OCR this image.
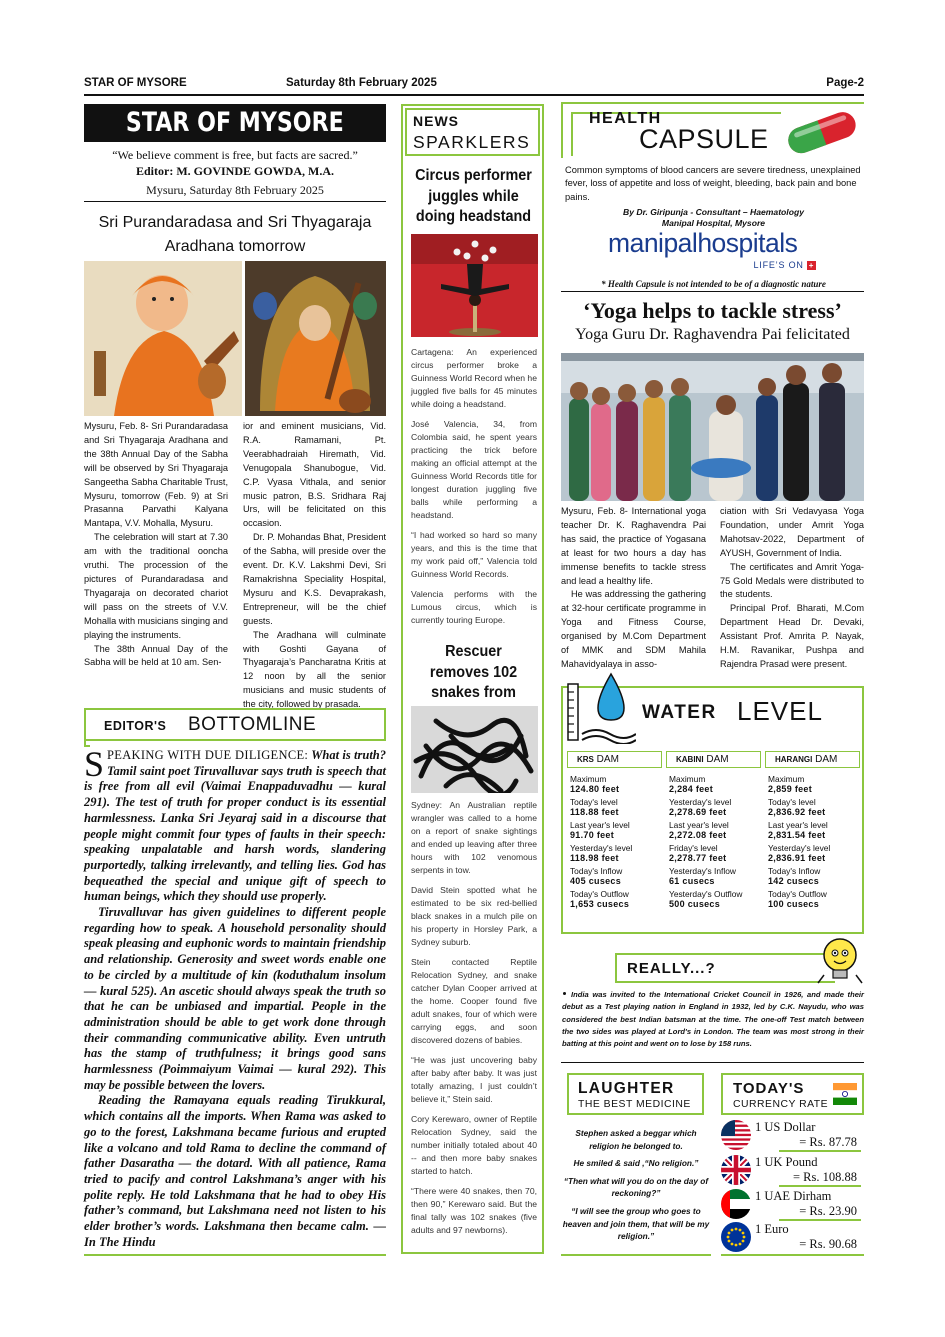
STAR OF MYSORE	Saturday 8th February 2025	Page-2
STAR OF MYSORE
“We believe comment is free, but facts are sacred.”
Editor: M. GOVINDE GOWDA, M.A.
Mysuru, Saturday 8th February 2025
Sri Purandaradasa and Sri Thyagaraja
Aradhana tomorrow

Mysuru, Feb. 8- Sri Purandaradasa and Sri Thyagaraja Aradhana and the 38th Annual Day of the Sabha will be observed by Sri Thyagaraja Sangeetha Sabha Charitable Trust, Mysuru, tomorrow (Feb. 9) at Sri Prasanna Parvathi Kalyana Mantapa, V.V. Mohalla, Mysuru.

The celebration will start at 7.30 am with the traditional ooncha vruthi. The procession of the pictures of Purandaradasa and Thyagaraja on decorated chariot will pass on the streets of V.V. Mohalla with musicians singing and playing the instruments.

The 38th Annual Day of the Sabha will be held at 10 am. Sen-

ior and eminent musicians, Vid. R.A. Ramamani, Pt. Veerabhadraiah Hiremath, Vid. Venugopala Shanubogue, Vid. C.P. Vyasa Vithala, and senior music patron, B.S. Sridhara Raj Urs, will be felicitated on this occasion.

Dr. P. Mohandas Bhat, President of the Sabha, will preside over the event. Dr. K.V. Lakshmi Devi, Sri Ramakrishna Speciality Hospital, Mysuru and K.S. Devaprakash, Entrepreneur, will be the chief guests.

The Aradhana will culminate with Goshti Gayana of Thyagaraja’s Pancharatna Kritis at 12 noon by all the senior musicians and music students of the city, followed by prasada.

EDITOR'S BOTTOMLINE

SPEAKING WITH DUE DILIGENCE: What is truth? Tamil saint poet Tiruvalluvar says truth is speech that is free from all evil (Vaimai Enappaduvadhu — kural 291). The test of truth for proper conduct is its essential harmlessness. Lanka Sri Jeyaraj said in a discourse that people might commit four types of faults in their speech: speaking unpalatable and harsh words, slandering purportedly, talking irrelevantly, and telling lies. God has bequeathed the special and unique gift of speech to human beings, which they should use properly.

Tiruvalluvar has given guidelines to different people regarding how to speak. A household personality should speak pleasing and euphonic words to maintain friendship and relationship. Generosity and sweet words enable one to be circled by a multitude of kin (koduthalum insolum — kural 525). An ascetic should always speak the truth so that he can be unbiased and impartial. People in the administration should be able to get work done through their commanding communicative ability. Even untruth has the stamp of truthfulness; it brings good sans harmlessness (Poimmaiyum Vaimai — kural 292). This may be possible between the lovers.

Reading the Ramayana equals reading Tirukkural, which contains all the imports. When Rama was asked to go to the forest, Lakshmana became furious and erupted like a volcano and told Rama to decline the command of father Dasaratha — the dotard. With all patience, Rama tried to pacify and control Lakshmana’s anger with his polite reply. He told Lakshmana that he had to obey His father’s command, but Lakshmana need not listen to his elder brother’s words. Lakshmana then became calm. —In The Hindu

NEWS
SPARKLERS
Circus performer juggles while doing headstand

Cartagena: An experienced circus performer broke a Guinness World Record when he juggled five balls for 45 minutes while doing a headstand.

José Valencia, 34, from Colombia said, he spent years practicing the trick before making an official attempt at the Guinness World Records title for longest duration juggling five balls while performing a headstand.

“I had worked so hard so many years, and this is the time that my work paid off,” Valencia told Guinness World Records.

Valencia performs with the Lumous circus, which is currently touring Europe.

Rescuer removes 102 snakes from

Sydney: An Australian reptile wrangler was called to a home on a report of snake sightings and ended up leaving after three hours with 102 venomous serpents in tow.

David Stein spotted what he estimated to be six red-bellied black snakes in a mulch pile on his property in Horsley Park, a Sydney suburb.

Stein contacted Reptile Relocation Sydney, and snake catcher Dylan Cooper arrived at the home. Cooper found five adult snakes, four of which were carrying eggs, and soon discovered dozens of babies.

“He was just uncovering baby after baby after baby. It was just totally amazing, I just couldn’t believe it,” Stein said.

Cory Kerewaro, owner of Reptile Relocation Sydney, said the number initially totaled about 40 -- and then more baby snakes started to hatch.

“There were 40 snakes, then 70, then 90,” Kerewaro said. But the final tally was 102 snakes (five adults and 97 newborns).

HEALTH
CAPSULE
Common symptoms of blood cancers are severe tiredness, unexplained fever, loss of appetite and loss of weight, bleeding, back pain and bone pains.
By Dr. Giripunja - Consultant – Haematology
Manipal Hospital, Mysore
manipalhospitals
LIFE’S ON +
* Health Capsule is not intended to be of a diagnostic nature
‘Yoga helps to tackle stress’
Yoga Guru Dr. Raghavendra Pai felicitated

Mysuru, Feb. 8- International yoga teacher Dr. K. Raghavendra Pai has said, the practice of Yogasana at least for two hours a day has immense benefits to tackle stress and lead a healthy life.

He was addressing the gathering at 32-hour certificate programme in Yoga and Fitness Course, organised by M.Com Department of MMK and SDM Mahila Mahavidyalaya in asso-

ciation with Sri Vedavyasa Yoga Foundation, under Amrit Yoga Mahotsav-2022, Department of AYUSH, Government of India.

The certificates and Amrit Yoga-75 Gold Medals were distributed to the students.

Principal Prof. Bharati, M.Com Department Head Dr. Devaki, Assistant Prof. Amrita P. Nayak, H.M. Ravanikar, Pushpa and Rajendra Prasad were present.

WATER LEVEL
KRS DAM
Maximum
124.80 feet
Today's level
118.88 feet
Last year's level
91.70 feet
Yesterday's level
118.98 feet
Today's Inflow
405 cusecs
Today's Outflow
1,653 cusecs
KABINI DAM
Maximum
2,284 feet
Yesterday's level
2,278.69 feet
Last year's level
2,272.08 feet
Friday's level
2,278.77 feet
Yesterday's Inflow
61 cusecs
Yesterday's Outflow
500 cusecs
HARANGI DAM
Maximum
2,859 feet
Today's level
2,836.92 feet
Last year's level
2,831.54 feet
Yesterday's level
2,836.91 feet
Today's Inflow
142 cusecs
Today's Outflow
100 cusecs
REALLY...?
India was invited to the International Cricket Council in 1926, and made their debut as a Test playing nation in England in 1932, led by C.K. Nayudu, who was considered the best Indian batsman at the time. The one-off Test match between the two sides was played at Lord's in London. The team was most strong in their batting at this point and went on to lose by 158 runs.
LAUGHTER
THE BEST MEDICINE

Stephen asked a beggar which religion he belonged to.

He smiled & said ,“No religion.”

“Then what will you do on the day of reckoning?”

“I will see the group who goes to heaven and join them, that will be my religion.”

TODAY'S
CURRENCY RATE
1 US Dollar
= Rs. 87.78
1 UK Pound
= Rs. 108.88
1 UAE Dirham
= Rs. 23.90
1 Euro
= Rs. 90.68
